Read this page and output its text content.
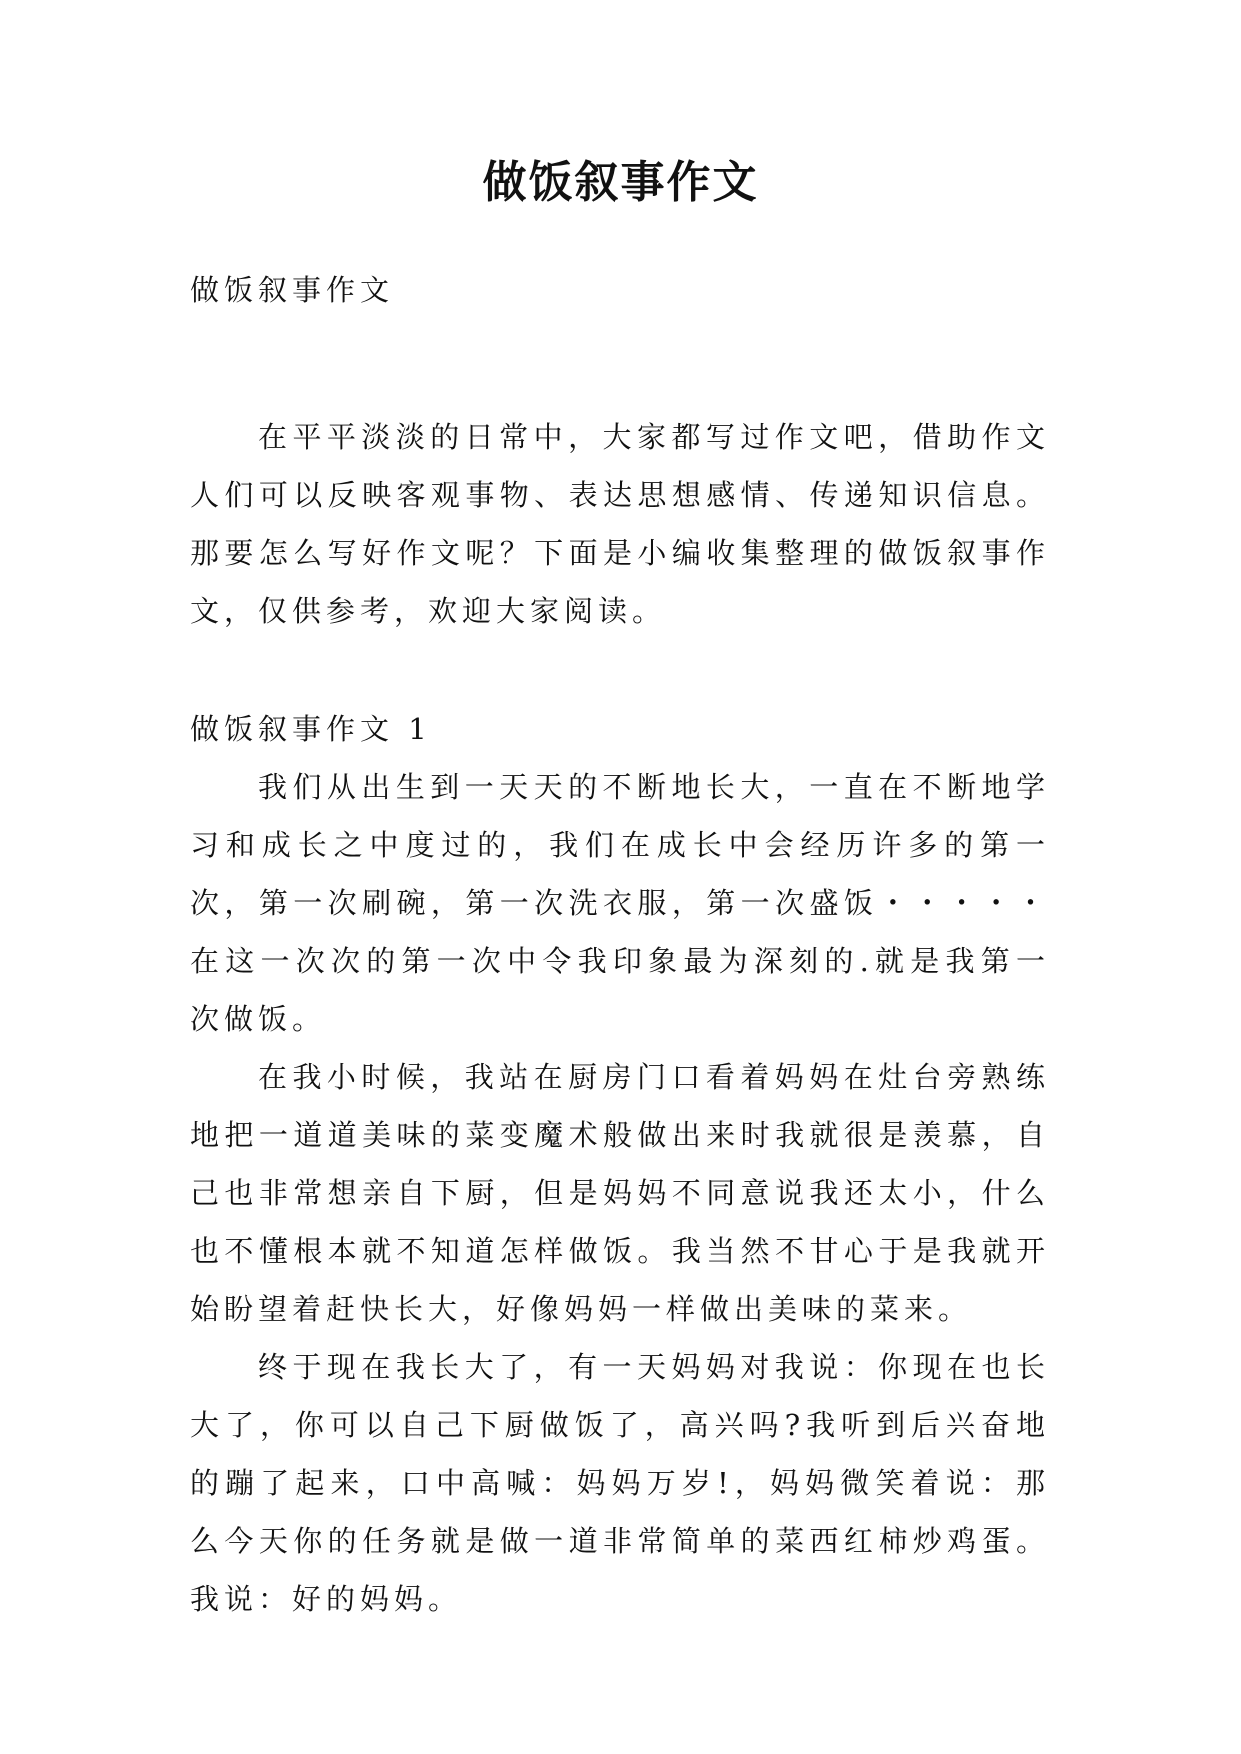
做饭叙事作文

做饭叙事作文

在平平淡淡的日常中，大家都写过作文吧，借助作文人们可以反映客观事物、表达思想感情、传递知识信息。那要怎么写好作文呢？下面是小编收集整理的做饭叙事作文，仅供参考，欢迎大家阅读。

做饭叙事作文 1

我们从出生到一天天的不断地长大，一直在不断地学习和成长之中度过的，我们在成长中会经历许多的第一次，第一次刷碗，第一次洗衣服，第一次盛饭・・・・・在这一次次的第一次中令我印象最为深刻的.就是我第一次做饭。

在我小时候，我站在厨房门口看着妈妈在灶台旁熟练地把一道道美味的菜变魔术般做出来时我就很是羡慕，自己也非常想亲自下厨，但是妈妈不同意说我还太小，什么也不懂根本就不知道怎样做饭。我当然不甘心于是我就开始盼望着赶快长大，好像妈妈一样做出美味的菜来。

终于现在我长大了，有一天妈妈对我说：你现在也长大了，你可以自己下厨做饭了，高兴吗?我听到后兴奋地的蹦了起来，口中高喊：妈妈万岁!，妈妈微笑着说：那么今天你的任务就是做一道非常简单的菜西红柿炒鸡蛋。我说：好的妈妈。
